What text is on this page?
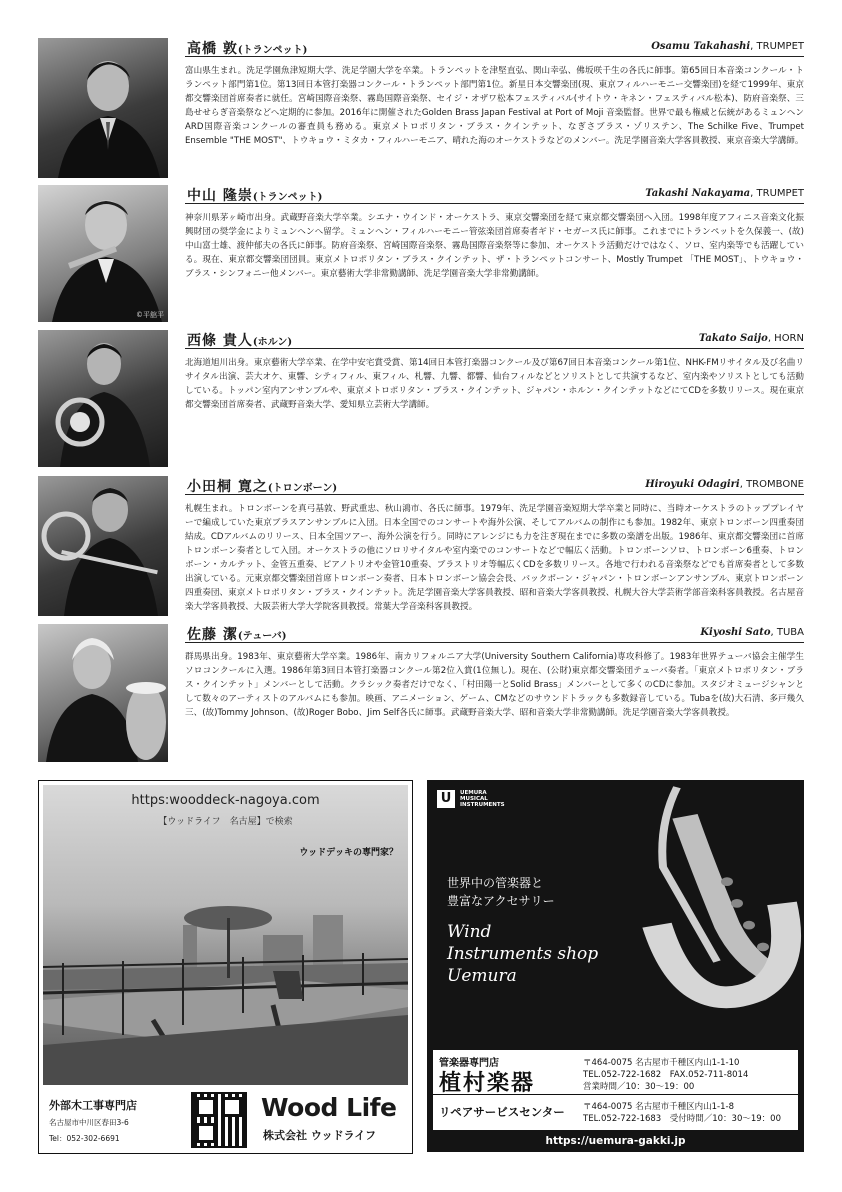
高橋 敦(トランペット)	Osamu Takahashi, TRUMPET

富山県生まれ。洗足学園魚津短期大学、洗足学園大学を卒業。トランペットを津堅直弘、関山幸弘、佛坂咲千生の各氏に師事。第65回日本音楽コンクール・トランペット部門第1位。第13回日本管打楽器コンクール・トランペット部門第1位。新星日本交響楽団(現、東京フィルハーモニー交響楽団)を経て1999年、東京都交響楽団首席奏者に就任。宮崎国際音楽祭、霧島国際音楽祭、セイジ・オザワ松本フェスティバル(サイトウ・キネン・フェスティバル松本)、防府音楽祭、三島せせらぎ音楽祭などへ定期的に参加。2016年に開催されたGolden Brass Japan Festival at Port of Moji 音楽監督。世界で最も権威と伝統があるミュンヘンARD国際音楽コンクールの審査員も務める。東京メトロポリタン・ブラス・クインテット、なぎさブラス・ゾリステン、The Schilke Five、Trumpet Ensemble "THE MOST"、トウキョウ・ミタカ・フィルハーモニア、晴れた海のオーケストラなどのメンバー。洗足学園音楽大学客員教授、東京音楽大学講師。

©平舘平
中山 隆崇(トランペット)	Takashi Nakayama, TRUMPET

神奈川県茅ヶ崎市出身。武蔵野音楽大学卒業。シエナ・ウインド・オーケストラ、東京交響楽団を経て東京都交響楽団へ入団。1998年度アフィニス音楽文化振興財団の奨学金によりミュンヘンへ留学。ミュンヘン・フィルハーモニー管弦楽団首席奏者ギド・セガース氏に師事。これまでにトランペットを久保義一、(故)中山富士雄、渡仲郁夫の各氏に師事。防府音楽祭、宮崎国際音楽祭、霧島国際音楽祭等に参加、オーケストラ活動だけではなく、ソロ、室内楽等でも活躍している。現在、東京都交響楽団団員。東京メトロポリタン・ブラス・クインテット、ザ・トランペットコンサート、Mostly Trumpet 「THE MOST」、トウキョウ・ブラス・シンフォニー他メンバー。東京藝術大学非常勤講師、洗足学園音楽大学非常勤講師。

西條 貴人(ホルン)	Takato Saijo, HORN

北海道旭川出身。東京藝術大学卒業、在学中安宅賞受賞、第14回日本管打楽器コンクール及び第67回日本音楽コンクール第1位、NHK-FMリサイタル及び名曲リサイタル出演、芸大オケ、東響、シティフィル、東フィル、札響、九響、都響、仙台フィルなどとソリストとして共演するなど、室内楽やソリストとしても活動している。トッパン室内アンサンブルや、東京メトロポリタン・ブラス・クインテット、ジャパン・ホルン・クインテットなどにてCDを多数リリース。現在東京都交響楽団首席奏者、武蔵野音楽大学、愛知県立芸術大学講師。

小田桐 寛之(トロンボーン)	Hiroyuki Odagiri, TROMBONE

札幌生まれ。トロンボーンを真弓基敦、野武重忠、秋山鴻市、各氏に師事。1979年、洗足学園音楽短期大学卒業と同時に、当時オーケストラのトッププレイヤーで編成していた東京ブラスアンサンブルに入団。日本全国でのコンサートや海外公演、そしてアルバムの制作にも参加。1982年、東京トロンボーン四重奏団結成。CDアルバムのリリース、日本全国ツアー、海外公演を行う。同時にアレンジにも力を注ぎ現在までに多数の楽譜を出版。1986年、東京都交響楽団に首席トロンボーン奏者として入団。オーケストラの他にソロリサイタルや室内楽でのコンサートなどで幅広く活動。トロンボーンソロ、トロンボーン6重奏、トロンボーン・カルテット、金管五重奏、ピアノトリオや金管10重奏、ブラストリオ等幅広くCDを多数リリース。各地で行われる音楽祭などでも首席奏者として多数出演している。元東京都交響楽団首席トロンボーン奏者、日本トロンボーン協会会長、バックボーン・ジャパン・トロンボーンアンサンブル、東京トロンボーン四重奏団、東京メトロポリタン・ブラス・クインテット。洗足学園音楽大学客員教授、昭和音楽大学客員教授、札幌大谷大学芸術学部音楽科客員教授。名古屋音楽大学客員教授、大阪芸術大学大学院客員教授。常葉大学音楽科客員教授。

佐藤 潔(テューバ)	Kiyoshi Sato, TUBA

群馬県出身。1983年、東京藝術大学卒業。1986年、南カリフォルニア大学(University Southern California)専攻科修了。1983年世界テューバ協会主催学生ソロコンクールに入選。1986年第3回日本管打楽器コンクール第2位入賞(1位無し)。現在、(公財)東京都交響楽団テューバ奏者。「東京メトロポリタン・ブラス・クインテット」メンバーとして活動。クラシック奏者だけでなく、「村田陽一とSolid Brass」メンバーとして多くのCDに参加。スタジオミュージシャンとして数々のアーティストのアルバムにも参加。映画、アニメーション、ゲーム、CMなどのサウンドトラックも多数録音している。Tubaを(故)大石清、多戸幾久三、(故)Tommy Johnson、(故)Roger Bobo、Jim Self各氏に師事。武蔵野音楽大学、昭和音楽大学非常勤講師。洗足学園音楽大学客員教授。

https:wooddeck-nagoya.com
【ウッドライフ　名古屋】で検索
ウッドデッキの専門家？
外部木工事専門店
名古屋市中川区春田3-6
Tel：052-302-6691
Wood Life
株式会社 ウッドライフ
U	UEMURA
MUSICAL
INSTRUMENTS
世界中の管楽器と
豊富なアクセサリー
Wind
Instruments shop
Uemura
管楽器専門店
植村楽器
〒464-0075 名古屋市千種区内山1-1-10
TEL.052-722-1682　FAX.052-711-8014
営業時間／10：30〜19：00
リペアサービスセンター 〒464-0075 名古屋市千種区内山1-1-8
TEL.052-722-1683　受付時間／10：30〜19：00
https://uemura-gakki.jp
